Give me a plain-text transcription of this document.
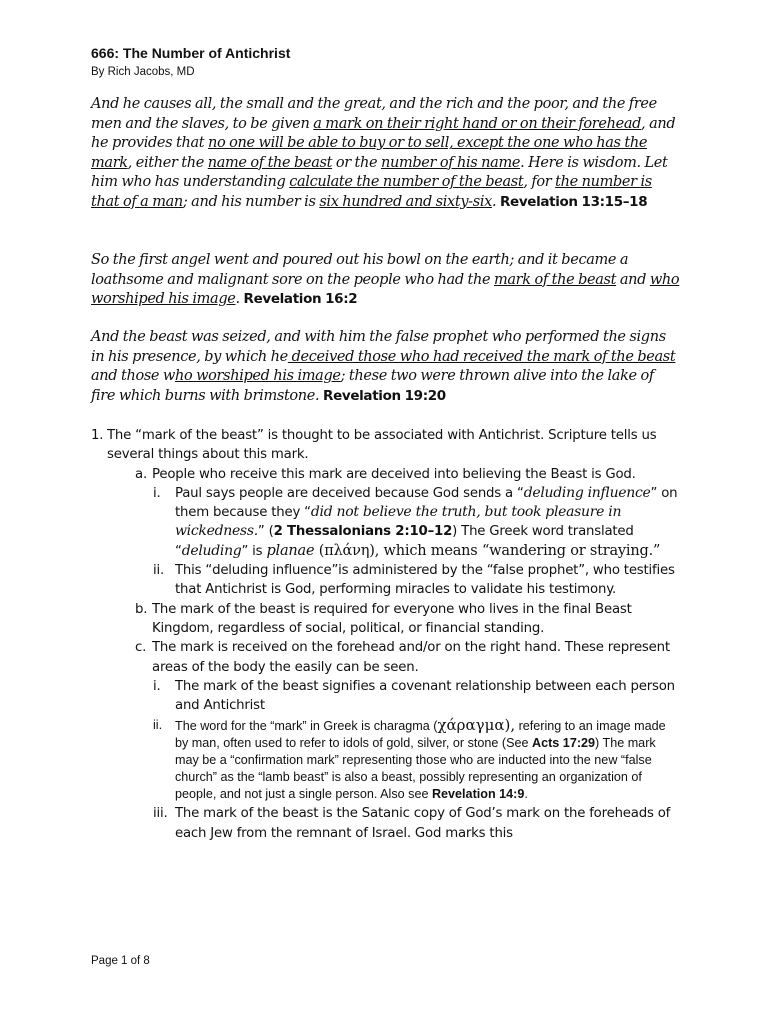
666: The Number of Antichrist
By Rich Jacobs, MD

And he causes all, the small and the great, and the rich and the poor, and the free men and the slaves, to be given a mark on their right hand or on their forehead, and he provides that no one will be able to buy or to sell, except the one who has the mark, either the name of the beast or the number of his name. Here is wisdom. Let him who has understanding calculate the number of the beast, for the number is that of a man; and his number is six hundred and sixty-six. Revelation 13:15–18

So the first angel went and poured out his bowl on the earth; and it became a loathsome and malignant sore on the people who had the mark of the beast and who worshiped his image. Revelation 16:2

And the beast was seized, and with him the false prophet who performed the signs in his presence, by which he deceived those who had received the mark of the beast and those who worshiped his image; these two were thrown alive into the lake of fire which burns with brimstone. Revelation 19:20

1. The “mark of the beast” is thought to be associated with Antichrist. Scripture tells us several things about this mark.
a. People who receive this mark are deceived into believing the Beast is God.
i. Paul says people are deceived because God sends a “deluding influence” on them because they “did not believe the truth, but took pleasure in wickedness.” (2 Thessalonians 2:10–12) The Greek word translated “deluding” is planae (πλάνη), which means “wandering or straying.”
ii. This “deluding influence”is administered by the “false prophet”, who testifies that Antichrist is God, performing miracles to validate his testimony.
b. The mark of the beast is required for everyone who lives in the final Beast Kingdom, regardless of social, political, or financial standing.
c. The mark is received on the forehead and/or on the right hand. These represent areas of the body the easily can be seen.
i. The mark of the beast signifies a covenant relationship between each person and Antichrist
ii. The word for the “mark” in Greek is charagma (χάραγμα), refering to an image made by man, often used to refer to idols of gold, silver, or stone (See Acts 17:29) The mark may be a “confirmation mark” representing those who are inducted into the new “false church” as the “lamb beast” is also a beast, possibly representing an organization of people, and not just a single person. Also see Revelation 14:9.
iii. The mark of the beast is the Satanic copy of God’s mark on the foreheads of each Jew from the remnant of Israel. God marks this
Page 1 of 8
